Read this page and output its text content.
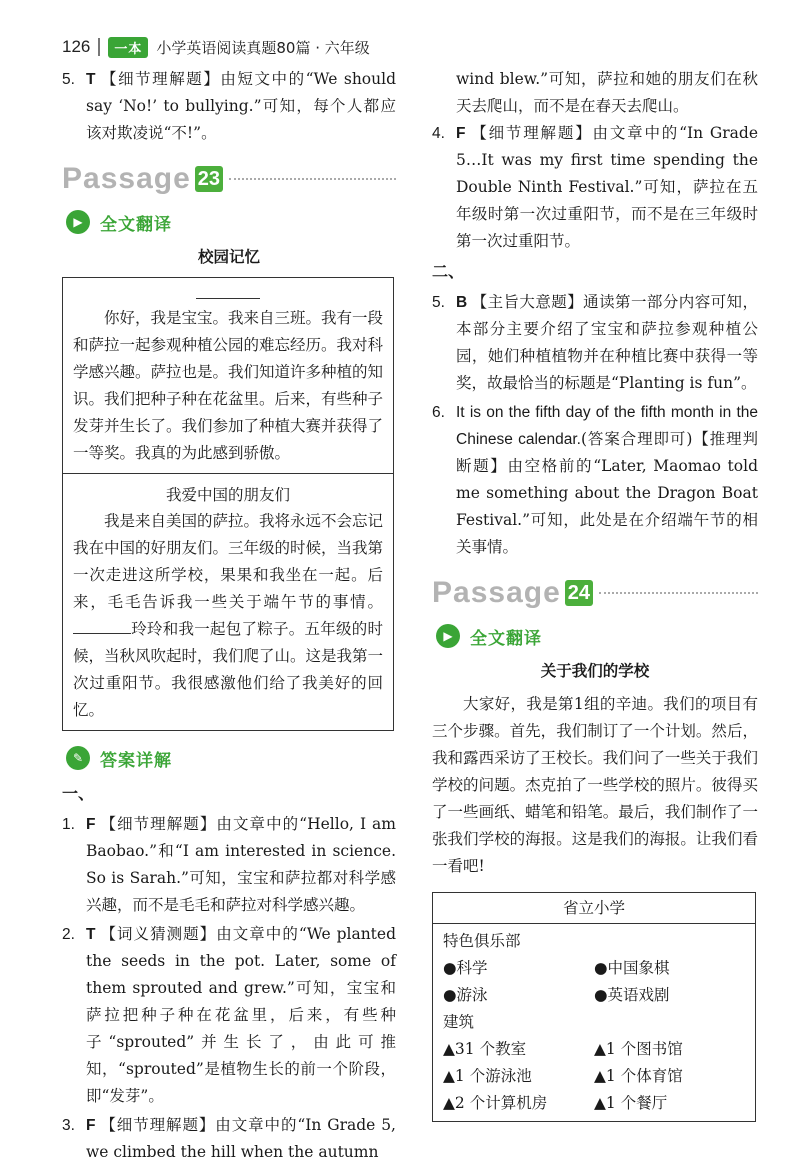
126	一本 小学英语阅读真题80篇 · 六年级

5. T 【细节理解题】由短文中的“We should say ‘No!’ to bullying.”可知，每个人都应该对欺凌说“不!”。

Passage 23
▶	全文翻译
校园记忆

你好，我是宝宝。我来自三班。我有一段和萨拉一起参观种植公园的难忘经历。我对科学感兴趣。萨拉也是。我们知道许多种植的知识。我们把种子种在花盆里。后来，有些种子发芽并生长了。我们参加了种植大赛并获得了一等奖。我真的为此感到骄傲。

我爱中国的朋友们

我是来自美国的萨拉。我将永远不会忘记我在中国的好朋友们。三年级的时候，当我第一次走进这所学校，果果和我坐在一起。后来，毛毛告诉我一些关于端午节的事情。玲玲和我一起包了粽子。五年级的时候，当秋风吹起时，我们爬了山。这是我第一次过重阳节。我很感激他们给了我美好的回忆。

✎ 答案详解
一、

1. F 【细节理解题】由文章中的“Hello, I am Baobao.”和“I am interested in science. So is Sarah.”可知，宝宝和萨拉都对科学感兴趣，而不是毛毛和萨拉对科学感兴趣。

2. T 【词义猜测题】由文章中的“We planted the seeds in the pot. Later, some of them sprouted and grew.”可知，宝宝和萨拉把种子种在花盆里，后来，有些种子“sprouted”并生长了，由此可推知，“sprouted”是植物生长的前一个阶段，即“发芽”。

3. F 【细节理解题】由文章中的“In Grade 5, we climbed the hill when the autumn

wind blew.”可知，萨拉和她的朋友们在秋天去爬山，而不是在春天去爬山。

4. F 【细节理解题】由文章中的“In Grade 5…It was my first time spending the Double Ninth Festival.”可知，萨拉在五年级时第一次过重阳节，而不是在三年级时第一次过重阳节。

二、

5. B 【主旨大意题】通读第一部分内容可知，本部分主要介绍了宝宝和萨拉参观种植公园，她们种植植物并在种植比赛中获得一等奖，故最恰当的标题是“Planting is fun”。

6. It is on the fifth day of the fifth month in the Chinese calendar.(答案合理即可)【推理判断题】由空格前的“Later, Maomao told me something about the Dragon Boat Festival.”可知，此处是在介绍端午节的相关事情。

Passage 24
▶	全文翻译
关于我们的学校

大家好，我是第1组的辛迪。我们的项目有三个步骤。首先，我们制订了一个计划。然后，我和露西采访了王校长。我们问了一些关于我们学校的问题。杰克拍了一些学校的照片。彼得买了一些画纸、蜡笔和铅笔。最后，我们制作了一张我们学校的海报。这是我们的海报。让我们看一看吧!

省立小学
特色俱乐部
●科学	●中国象棋
●游泳	●英语戏剧
建筑
▲31 个教室	▲1 个图书馆
▲1 个游泳池	▲1 个体育馆
▲2 个计算机房	▲1 个餐厅
